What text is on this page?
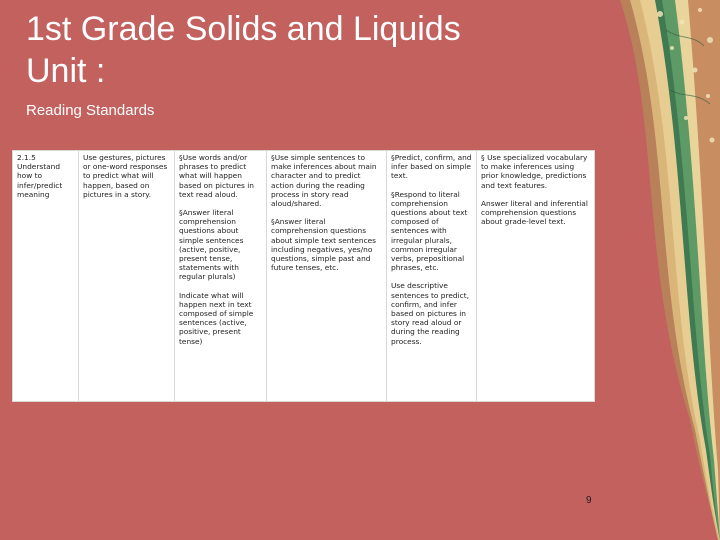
1st Grade Solids and Liquids
Unit :
Reading Standards
2.1.5
Understand
how to
infer/predict
meaning

Use gestures, pictures or one-word responses to predict what will happen, based on pictures in a story.

§Use words and/or phrases to predict what will happen based on pictures in text read aloud.
§Answer literal comprehension questions about simple sentences (active, positive, present tense, statements with regular plurals)
Indicate what will happen next in text composed of simple sentences (active, positive, present tense)

§Use simple sentences to make inferences about main character and to predict action during the reading process in story read aloud/shared.
§Answer literal comprehension questions about simple text sentences including negatives, yes/no questions, simple past and future tenses, etc.

§Predict, confirm, and infer based on simple text.
§Respond to literal comprehension questions about text composed of sentences with irregular plurals, common irregular verbs, prepositional phrases, etc.
Use descriptive sentences to predict, confirm, and infer based on pictures in story read aloud or during the reading process.

§ Use specialized vocabulary to make inferences using prior knowledge, predictions and text features.
Answer literal and inferential comprehension questions about grade-level text.
9
